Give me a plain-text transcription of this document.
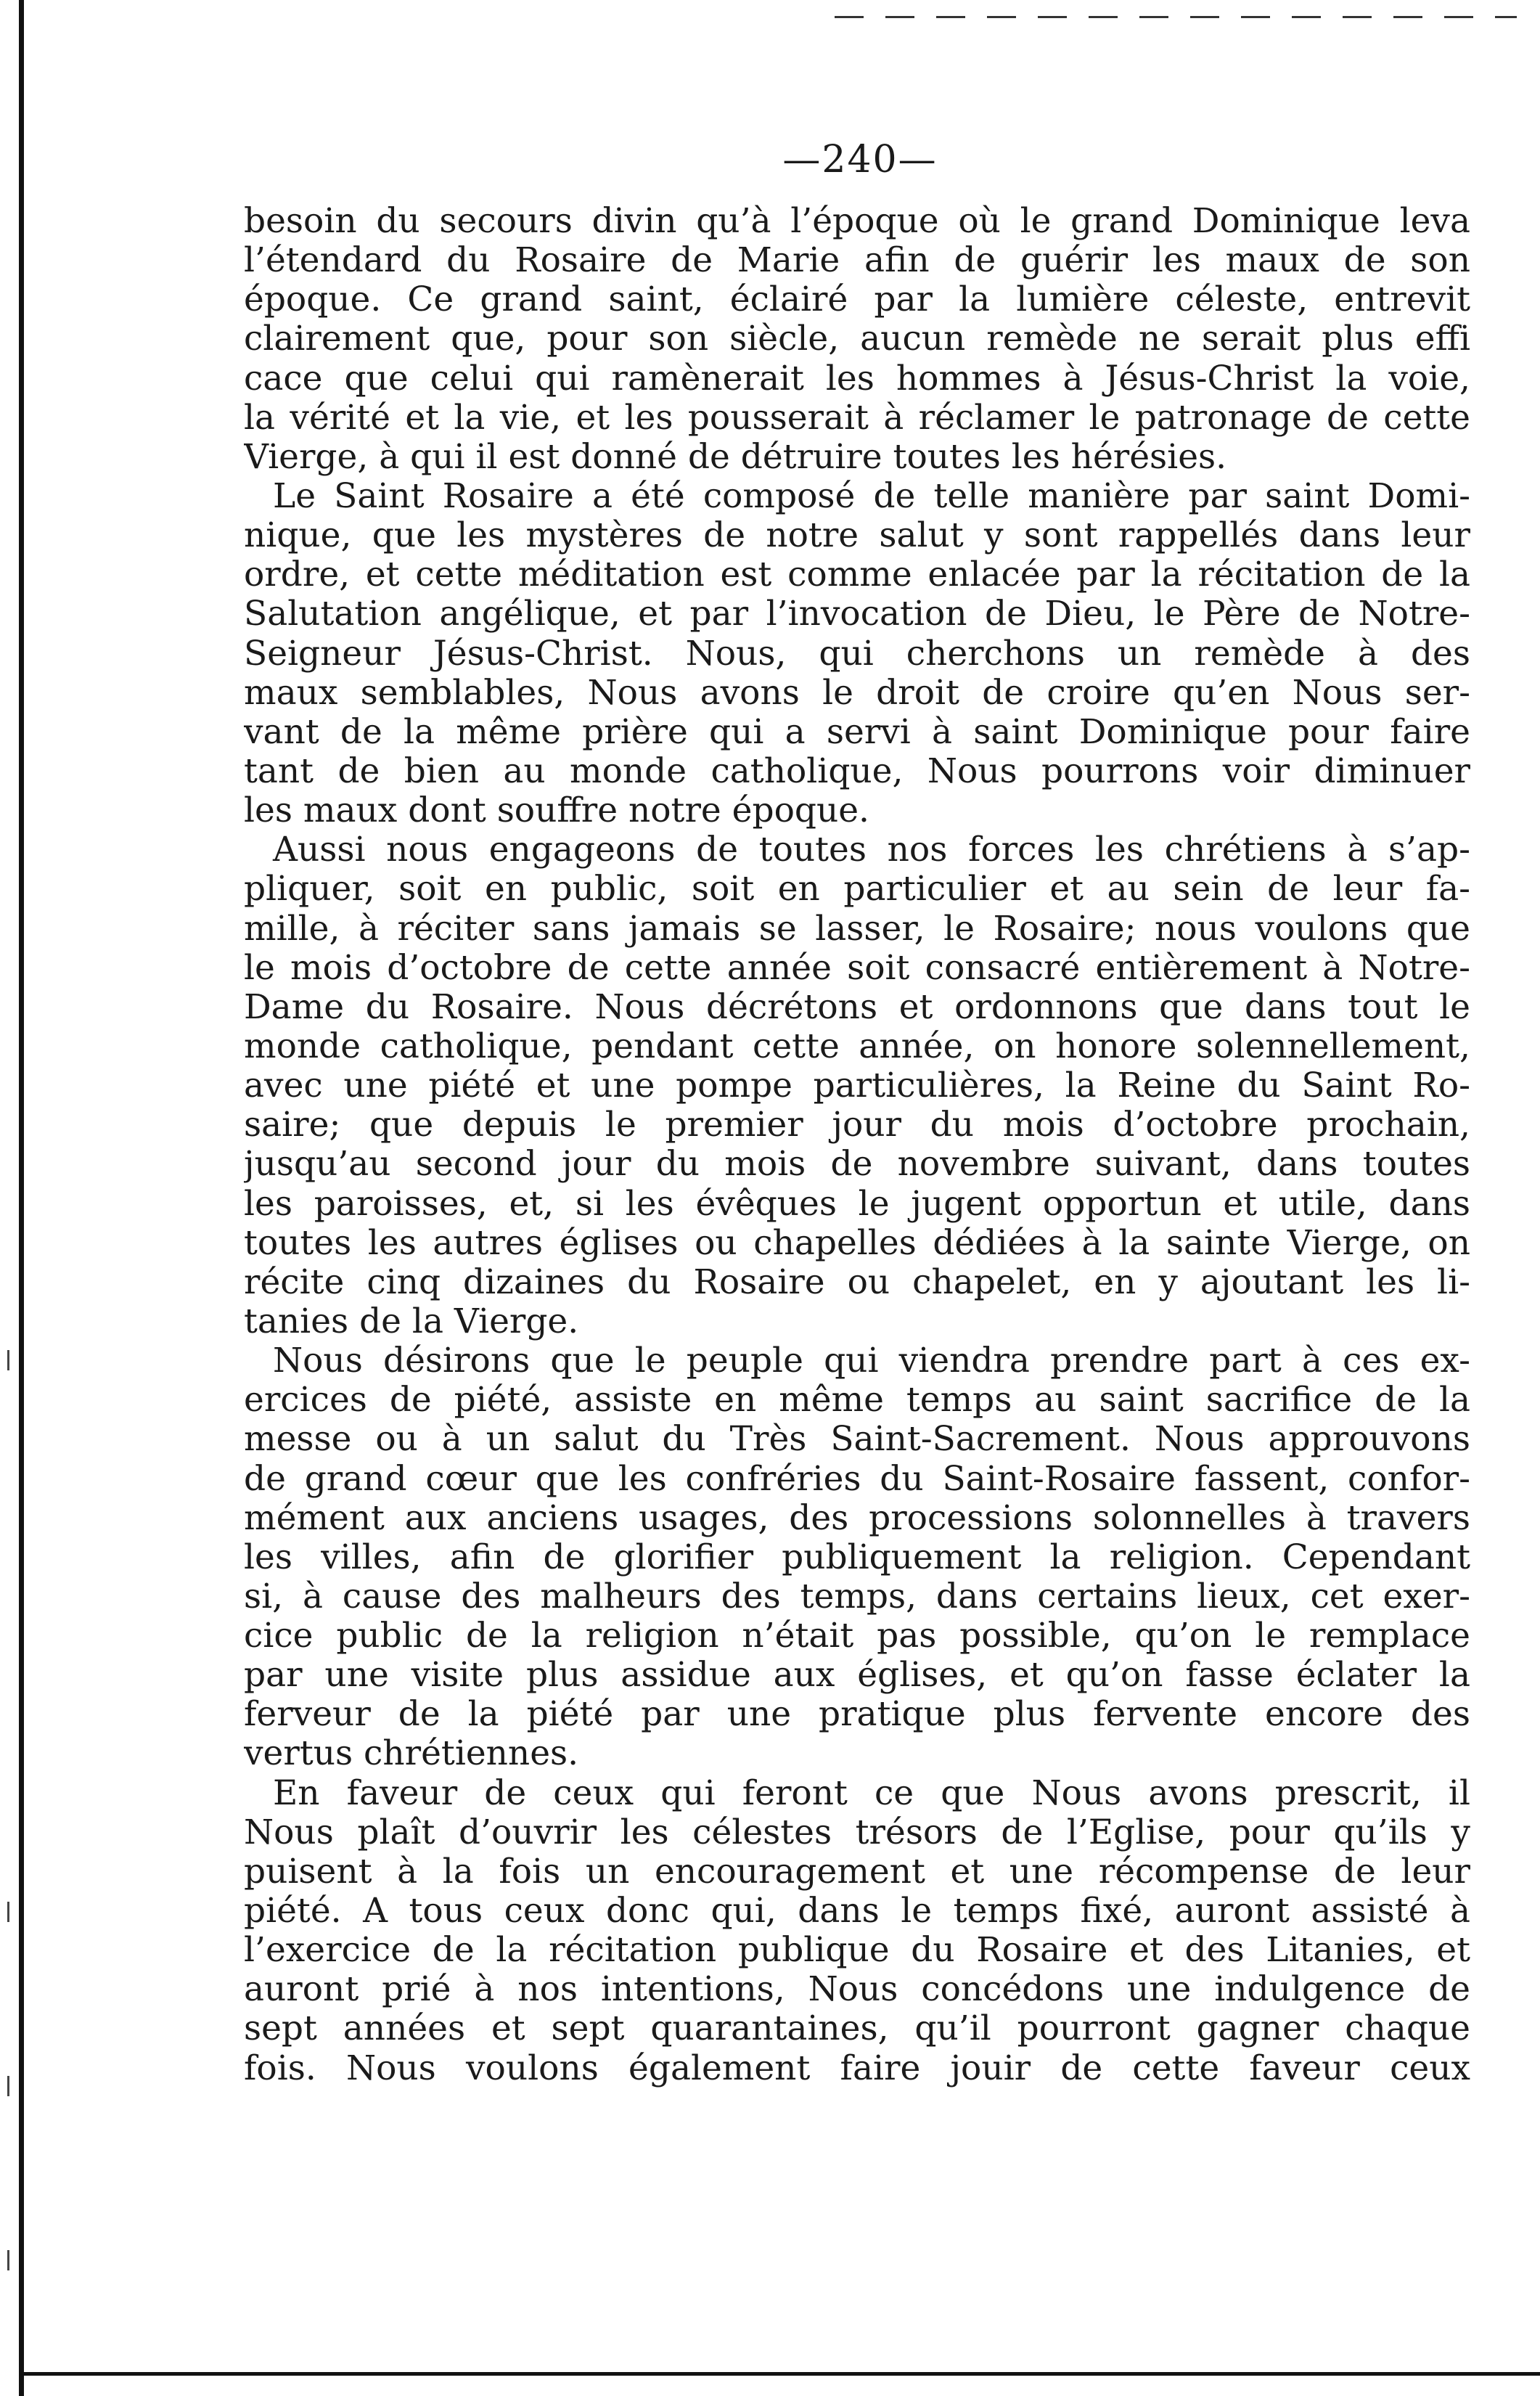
—240—
besoin du secours divin qu’à l’époque où le grand Dominique leva
l’étendard du Rosaire de Marie afin de guérir les maux de son
époque. Ce grand saint, éclairé par la lumière céleste, entrevit
clairement que, pour son siècle, aucun remède ne serait plus effi
cace que celui qui ramènerait les hommes à Jésus-Christ la voie,
la vérité et la vie, et les pousserait à réclamer le patronage de cette
Vierge, à qui il est donné de détruire toutes les hérésies.
Le Saint Rosaire a été composé de telle manière par saint Domi-
nique, que les mystères de notre salut y sont rappellés dans leur
ordre, et cette méditation est comme enlacée par la récitation de la
Salutation angélique, et par l’invocation de Dieu, le Père de Notre-
Seigneur Jésus-Christ. Nous, qui cherchons un remède à des
maux semblables, Nous avons le droit de croire qu’en Nous ser-
vant de la même prière qui a servi à saint Dominique pour faire
tant de bien au monde catholique, Nous pourrons voir diminuer
les maux dont souffre notre époque.
Aussi nous engageons de toutes nos forces les chrétiens à s’ap-
pliquer, soit en public, soit en particulier et au sein de leur fa-
mille, à réciter sans jamais se lasser, le Rosaire; nous voulons que
le mois d’octobre de cette année soit consacré entièrement à Notre-
Dame du Rosaire. Nous décrétons et ordonnons que dans tout le
monde catholique, pendant cette année, on honore solennellement,
avec une piété et une pompe particulières, la Reine du Saint Ro-
saire; que depuis le premier jour du mois d’octobre prochain,
jusqu’au second jour du mois de novembre suivant, dans toutes
les paroisses, et, si les évêques le jugent opportun et utile, dans
toutes les autres églises ou chapelles dédiées à la sainte Vierge, on
récite cinq dizaines du Rosaire ou chapelet, en y ajoutant les li-
tanies de la Vierge.
Nous désirons que le peuple qui viendra prendre part à ces ex-
ercices de piété, assiste en même temps au saint sacrifice de la
messe ou à un salut du Très Saint-Sacrement. Nous approuvons
de grand cœur que les confréries du Saint-Rosaire fassent, confor-
mément aux anciens usages, des processions solonnelles à travers
les villes, afin de glorifier publiquement la religion. Cependant
si, à cause des malheurs des temps, dans certains lieux, cet exer-
cice public de la religion n’était pas possible, qu’on le remplace
par une visite plus assidue aux églises, et qu’on fasse éclater la
ferveur de la piété par une pratique plus fervente encore des
vertus chrétiennes.
En faveur de ceux qui feront ce que Nous avons prescrit, il
Nous plaît d’ouvrir les célestes trésors de l’Eglise, pour qu’ils y
puisent à la fois un encouragement et une récompense de leur
piété. A tous ceux donc qui, dans le temps fixé, auront assisté à
l’exercice de la récitation publique du Rosaire et des Litanies, et
auront prié à nos intentions, Nous concédons une indulgence de
sept années et sept quarantaines, qu’il pourront gagner chaque
fois. Nous voulons également faire jouir de cette faveur ceux
